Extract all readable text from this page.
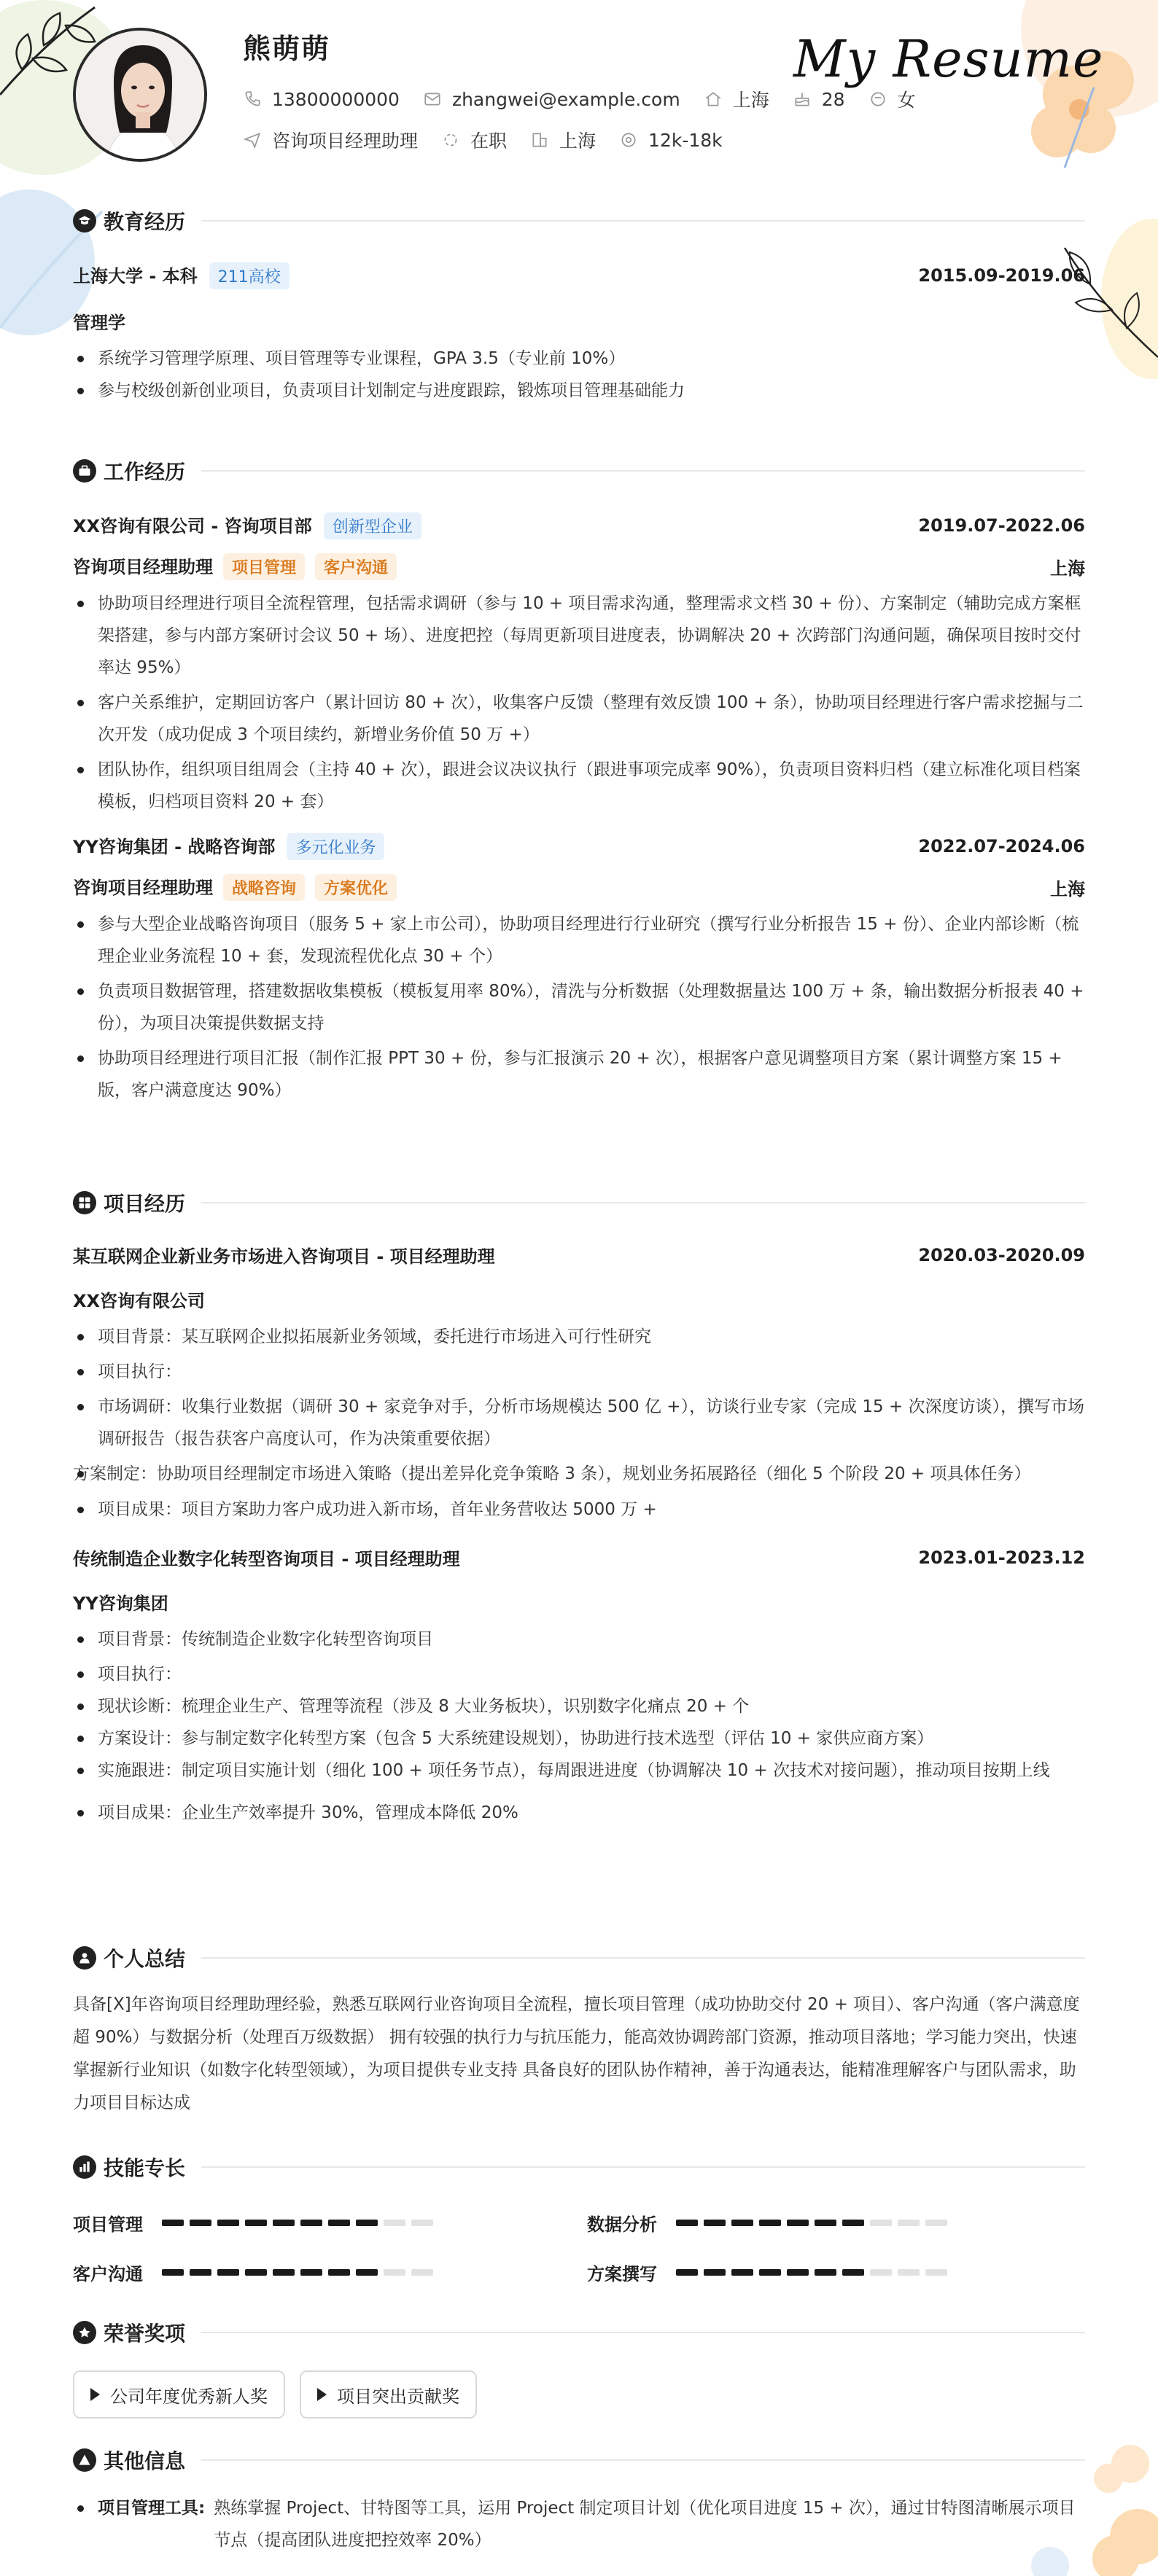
熊萌萌	My Resume
13800000000	zhangwei@example.com	上海	28	女
咨询项目经理助理	在职	上海	12k-18k
教育经历
上海大学 - 本科 211高校	2015.09-2019.06
管理学
系统学习管理学原理、项目管理等专业课程，GPA 3.5（专业前 10%）
参与校级创新创业项目，负责项目计划制定与进度跟踪，锻炼项目管理基础能力
工作经历
XX咨询有限公司 - 咨询项目部 创新型企业	2019.07-2022.06
咨询项目经理助理 项目管理 客户沟通	上海
协助项目经理进行项目全流程管理，包括需求调研（参与 10 + 项目需求沟通，整理需求文档 30 + 份）、方案制定（辅助完成方案框架搭建，参与内部方案研讨会议 50 + 场）、进度把控（每周更新项目进度表，协调解决 20 + 次跨部门沟通问题，确保项目按时交付率达 95%）
客户关系维护，定期回访客户（累计回访 80 + 次），收集客户反馈（整理有效反馈 100 + 条），协助项目经理进行客户需求挖掘与二次开发（成功促成 3 个项目续约，新增业务价值 50 万 +）
团队协作，组织项目组周会（主持 40 + 次），跟进会议决议执行（跟进事项完成率 90%），负责项目资料归档（建立标准化项目档案模板，归档项目资料 20 + 套）
YY咨询集团 - 战略咨询部 多元化业务	2022.07-2024.06
咨询项目经理助理 战略咨询 方案优化	上海
参与大型企业战略咨询项目（服务 5 + 家上市公司），协助项目经理进行行业研究（撰写行业分析报告 15 + 份）、企业内部诊断（梳理企业业务流程 10 + 套，发现流程优化点 30 + 个）
负责项目数据管理，搭建数据收集模板（模板复用率 80%），清洗与分析数据（处理数据量达 100 万 + 条，输出数据分析报表 40 + 份），为项目决策提供数据支持
协助项目经理进行项目汇报（制作汇报 PPT 30 + 份，参与汇报演示 20 + 次），根据客户意见调整项目方案（累计调整方案 15 + 版，客户满意度达 90%）
项目经历
某互联网企业新业务市场进入咨询项目 - 项目经理助理	2020.03-2020.09
XX咨询有限公司
项目背景：某互联网企业拟拓展新业务领域，委托进行市场进入可行性研究
项目执行：
市场调研：收集行业数据（调研 30 + 家竞争对手，分析市场规模达 500 亿 +），访谈行业专家（完成 15 + 次深度访谈），撰写市场调研报告（报告获客户高度认可，作为决策重要依据）
方案制定：协助项目经理制定市场进入策略（提出差异化竞争策略 3 条），规划业务拓展路径（细化 5 个阶段 20 + 项具体任务）
项目成果：项目方案助力客户成功进入新市场，首年业务营收达 5000 万 +
传统制造企业数字化转型咨询项目 - 项目经理助理	2023.01-2023.12
YY咨询集团
项目背景：传统制造企业数字化转型咨询项目
项目执行：
现状诊断：梳理企业生产、管理等流程（涉及 8 大业务板块），识别数字化痛点 20 + 个
方案设计：参与制定数字化转型方案（包含 5 大系统建设规划），协助进行技术选型（评估 10 + 家供应商方案）
实施跟进：制定项目实施计划（细化 100 + 项任务节点），每周跟进进度（协调解决 10 + 次技术对接问题），推动项目按期上线
项目成果：企业生产效率提升 30%，管理成本降低 20%
个人总结
具备[X]年咨询项目经理助理经验，熟悉互联网行业咨询项目全流程，擅长项目管理（成功协助交付 20 + 项目）、客户沟通（客户满意度超 90%）与数据分析（处理百万级数据） 拥有较强的执行力与抗压能力，能高效协调跨部门资源，推动项目落地；学习能力突出，快速掌握新行业知识（如数字化转型领域），为项目提供专业支持 具备良好的团队协作精神，善于沟通表达，能精准理解客户与团队需求，助力项目目标达成
技能专长
项目管理	数据分析
客户沟通	方案撰写
荣誉奖项
公司年度优秀新人奖	项目突出贡献奖
其他信息
项目管理工具: 熟练掌握 Project、甘特图等工具，运用 Project 制定项目计划（优化项目进度 15 + 次），通过甘特图清晰展示项目节点（提高团队进度把控效率 20%）
